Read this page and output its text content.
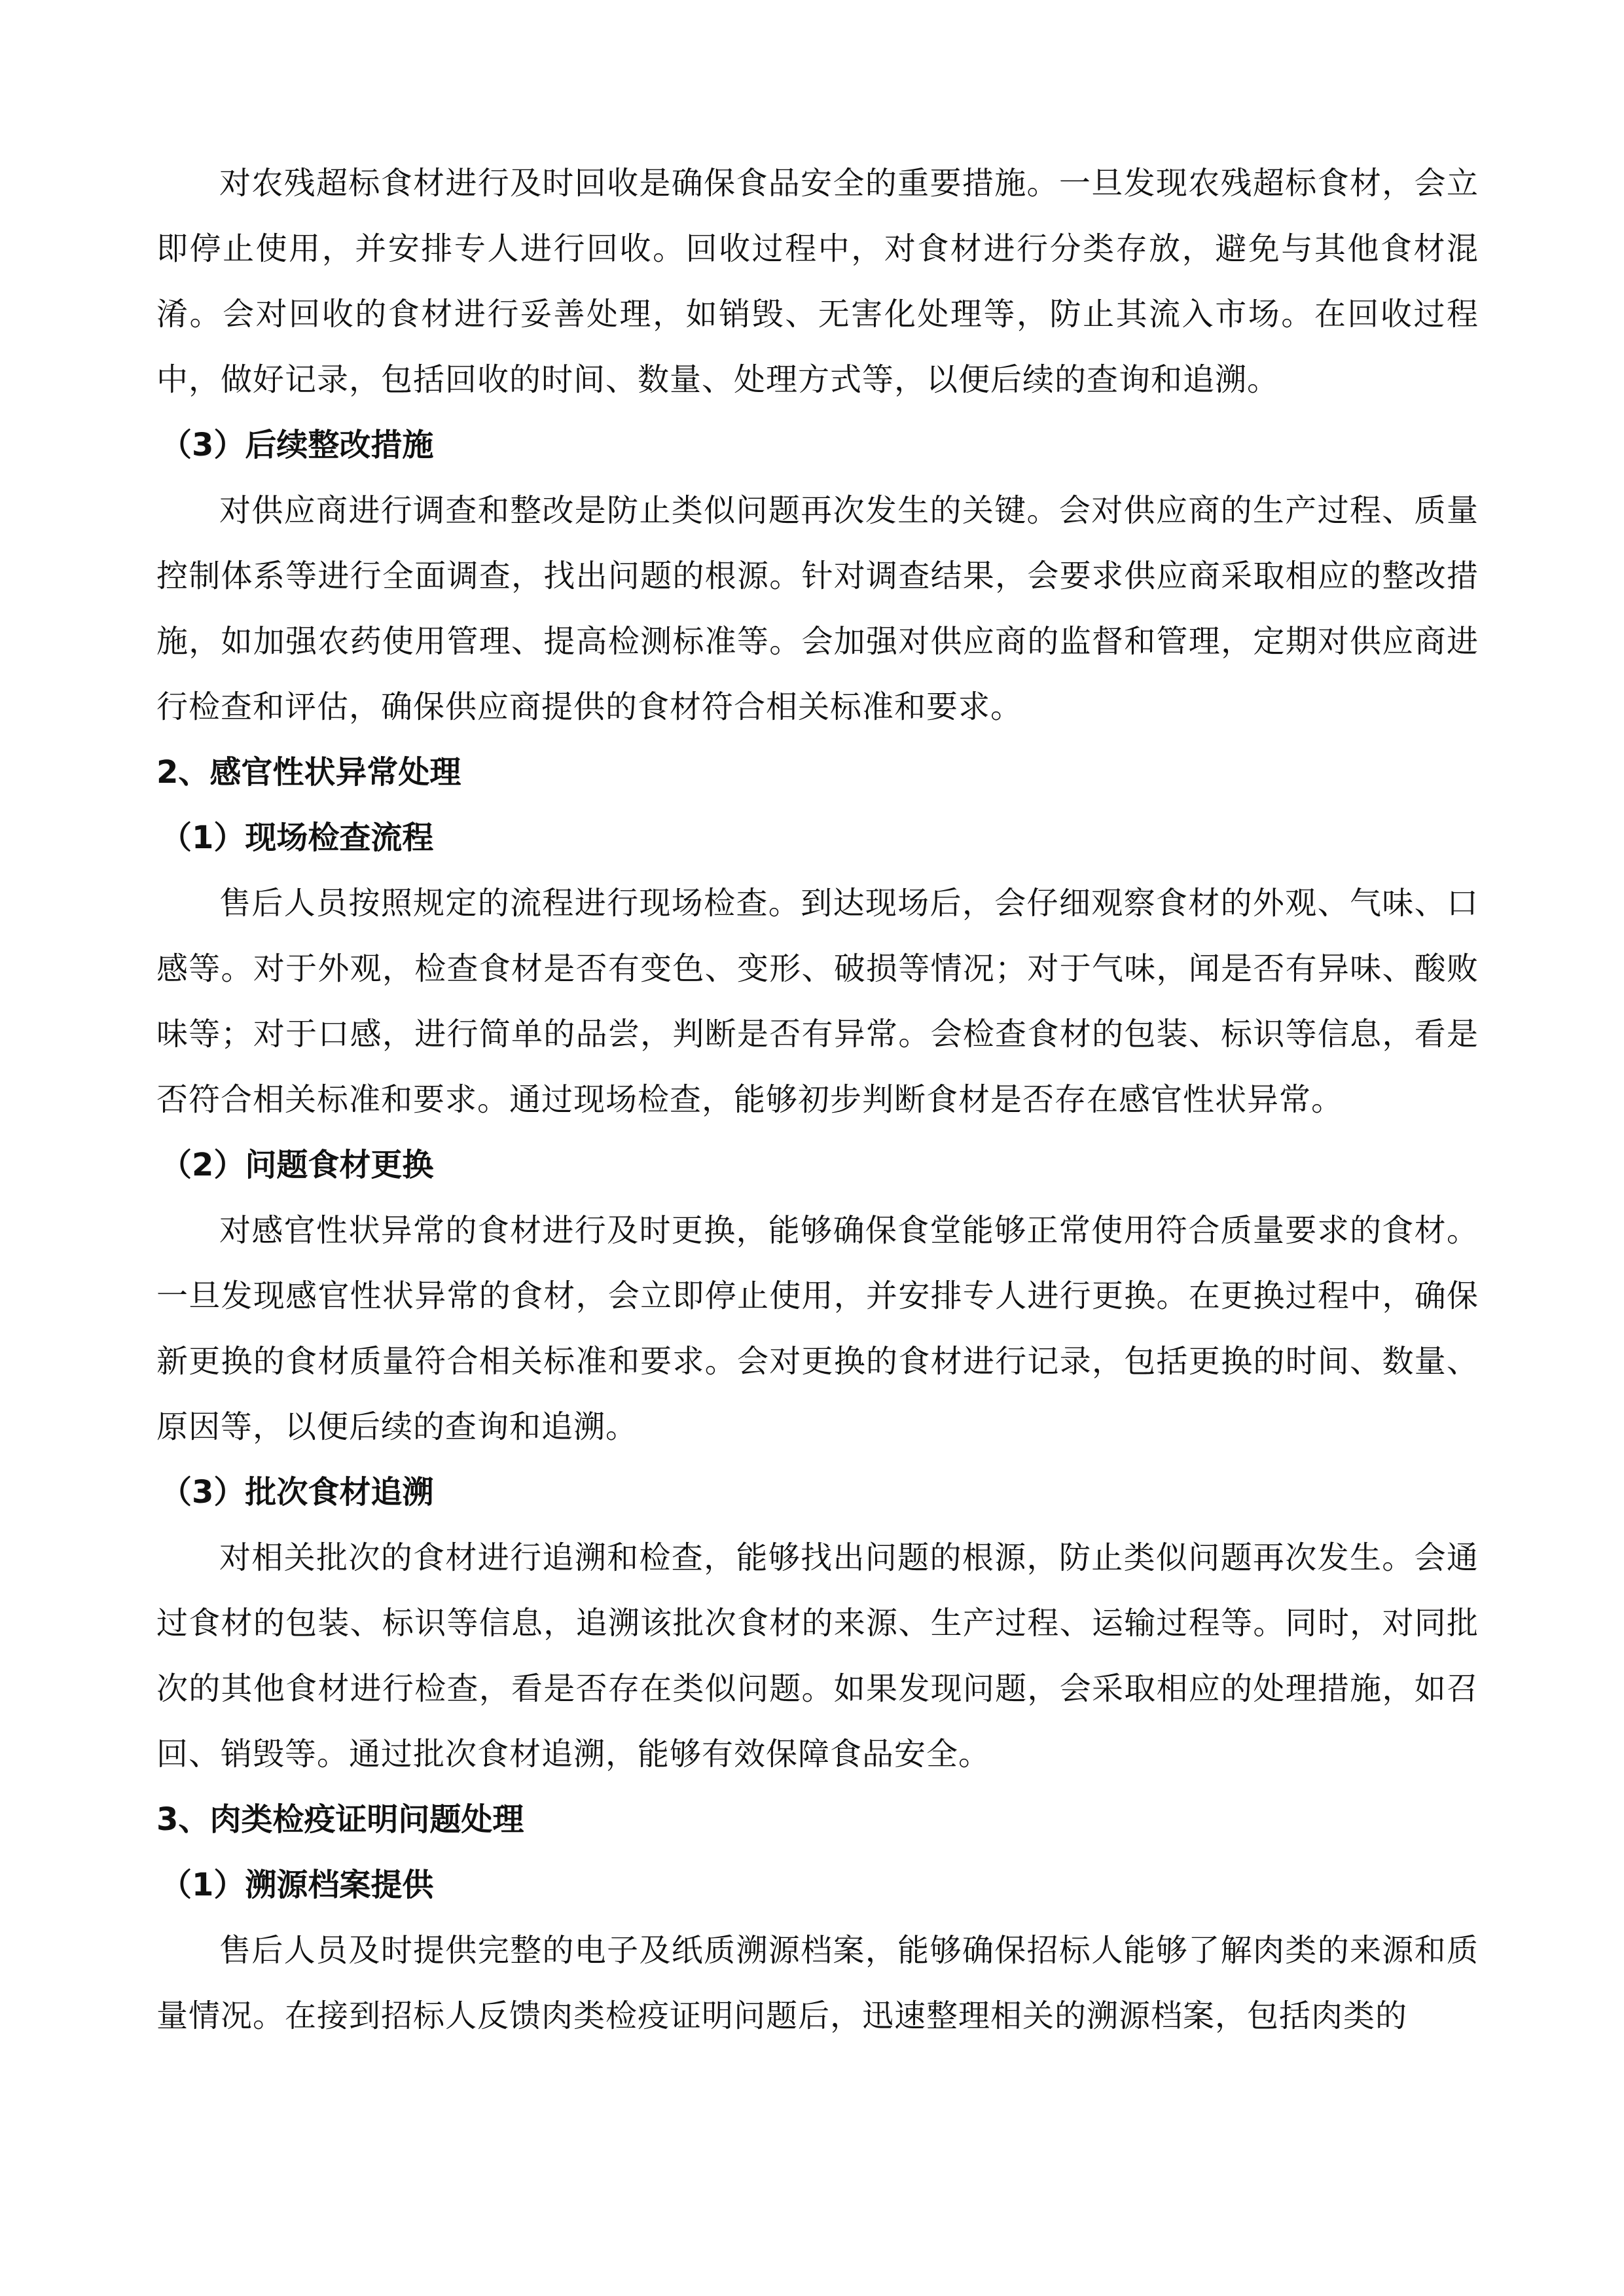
对农残超标食材进行及时回收是确保食品安全的重要措施。一旦发现农残超标食材，会立即停止使用，并安排专人进行回收。回收过程中，对食材进行分类存放，避免与其他食材混淆。会对回收的食材进行妥善处理，如销毁、无害化处理等，防止其流入市场。在回收过程中，做好记录，包括回收的时间、数量、处理方式等，以便后续的查询和追溯。

（3）后续整改措施

对供应商进行调查和整改是防止类似问题再次发生的关键。会对供应商的生产过程、质量控制体系等进行全面调查，找出问题的根源。针对调查结果，会要求供应商采取相应的整改措施，如加强农药使用管理、提高检测标准等。会加强对供应商的监督和管理，定期对供应商进行检查和评估，确保供应商提供的食材符合相关标准和要求。

2、感官性状异常处理
（1）现场检查流程

售后人员按照规定的流程进行现场检查。到达现场后，会仔细观察食材的外观、气味、口感等。对于外观，检查食材是否有变色、变形、破损等情况；对于气味，闻是否有异味、酸败味等；对于口感，进行简单的品尝，判断是否有异常。会检查食材的包装、标识等信息，看是否符合相关标准和要求。通过现场检查，能够初步判断食材是否存在感官性状异常。

（2）问题食材更换

对感官性状异常的食材进行及时更换，能够确保食堂能够正常使用符合质量要求的食材。一旦发现感官性状异常的食材，会立即停止使用，并安排专人进行更换。在更换过程中，确保新更换的食材质量符合相关标准和要求。会对更换的食材进行记录，包括更换的时间、数量、原因等，以便后续的查询和追溯。

（3）批次食材追溯

对相关批次的食材进行追溯和检查，能够找出问题的根源，防止类似问题再次发生。会通过食材的包装、标识等信息，追溯该批次食材的来源、生产过程、运输过程等。同时，对同批次的其他食材进行检查，看是否存在类似问题。如果发现问题，会采取相应的处理措施，如召回、销毁等。通过批次食材追溯，能够有效保障食品安全。

3、肉类检疫证明问题处理
（1）溯源档案提供

售后人员及时提供完整的电子及纸质溯源档案，能够确保招标人能够了解肉类的来源和质量情况。在接到招标人反馈肉类检疫证明问题后，迅速整理相关的溯源档案，包括肉类的
